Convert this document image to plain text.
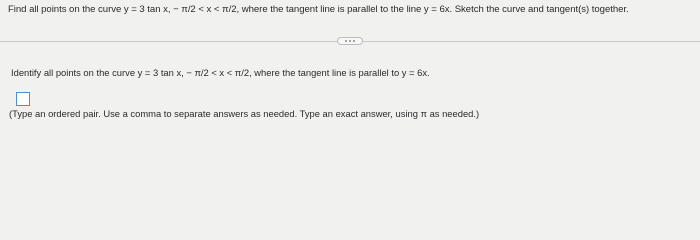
Find all points on the curve y = 3 tan x, − π/2 < x < π/2, where the tangent line is parallel to the line y = 6x. Sketch the curve and tangent(s) together.
Identify all points on the curve y = 3 tan x, − π/2 < x < π/2, where the tangent line is parallel to y = 6x.
(Type an ordered pair. Use a comma to separate answers as needed. Type an exact answer, using π as needed.)
